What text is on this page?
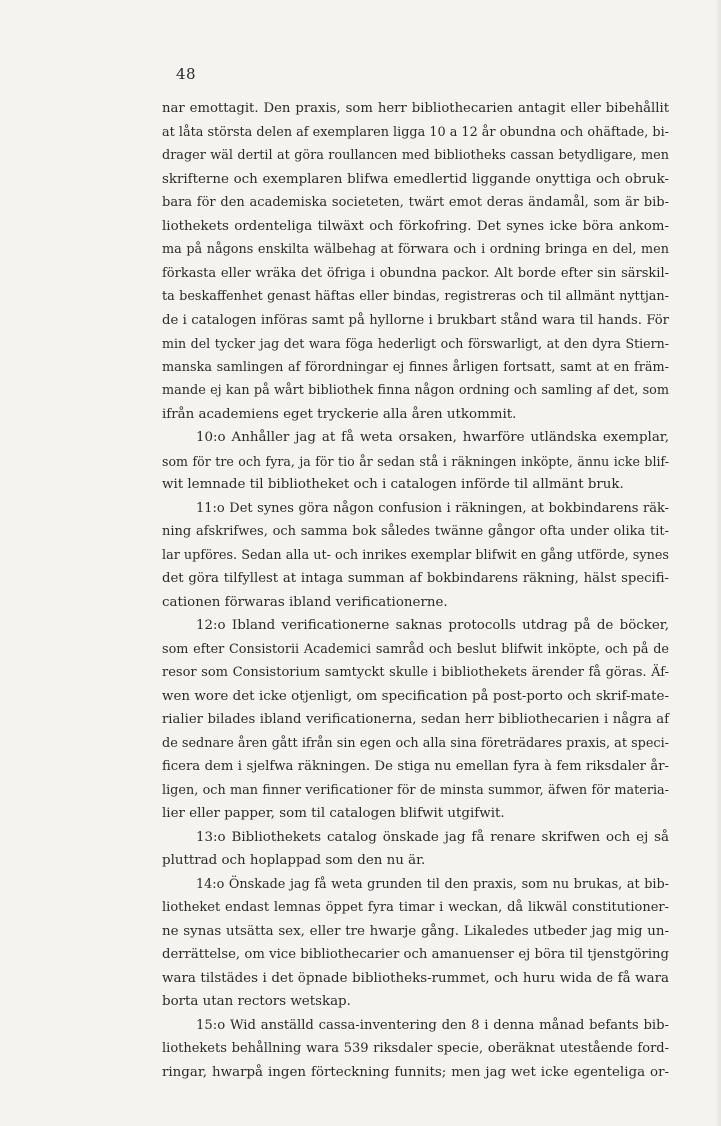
48

nar emottagit. Den praxis, som herr bibliothecarien antagit eller bibehållit
at låta största delen af exemplaren ligga 10 a 12 år obundna och ohäftade, bi-
drager wäl dertil at göra roullancen med bibliotheks cassan betydligare, men
skrifterne och exemplaren blifwa emedlertid liggande onyttiga och obruk-
bara för den academiska societeten, twärt emot deras ändamål, som är bib-
liothekets ordenteliga tilwäxt och förkofring. Det synes icke böra ankom-
ma på någons enskilta wälbehag at förwara och i ordning bringa en del, men
förkasta eller wräka det öfriga i obundna packor. Alt borde efter sin särskil-
ta beskaffenhet genast häftas eller bindas, registreras och til allmänt nyttjan-
de i catalogen införas samt på hyllorne i brukbart stånd wara til hands. För
min del tycker jag det wara föga hederligt och förswarligt, at den dyra Stiern-
manska samlingen af förordningar ej finnes årligen fortsatt, samt at en främ-
mande ej kan på wårt bibliothek finna någon ordning och samling af det, som
ifrån academiens eget tryckerie alla åren utkommit.
10:o Anhåller jag at få weta orsaken, hwarföre utländska exemplar,
som för tre och fyra, ja för tio år sedan stå i räkningen inköpte, ännu icke blif-
wit lemnade til bibliotheket och i catalogen införde til allmänt bruk.
11:o Det synes göra någon confusion i räkningen, at bokbindarens räk-
ning afskrifwes, och samma bok således twänne gångor ofta under olika tit-
lar upföres. Sedan alla ut- och inrikes exemplar blifwit en gång utförde, synes
det göra tilfyllest at intaga summan af bokbindarens räkning, hälst specifi-
cationen förwaras ibland verificationerne.
12:o Ibland verificationerne saknas protocolls utdrag på de böcker,
som efter Consistorii Academici samråd och beslut blifwit inköpte, och på de
resor som Consistorium samtyckt skulle i bibliothekets ärender få göras. Äf-
wen wore det icke otjenligt, om specification på post-porto och skrif-mate-
rialier bilades ibland verificationerna, sedan herr bibliothecarien i några af
de sednare åren gått ifrån sin egen och alla sina företrädares praxis, at speci-
ficera dem i sjelfwa räkningen. De stiga nu emellan fyra à fem riksdaler år-
ligen, och man finner verificationer för de minsta summor, äfwen för materia-
lier eller papper, som til catalogen blifwit utgifwit.
13:o Bibliothekets catalog önskade jag få renare skrifwen och ej så
pluttrad och hoplappad som den nu är.
14:o Önskade jag få weta grunden til den praxis, som nu brukas, at bib-
liotheket endast lemnas öppet fyra timar i weckan, då likwäl constitutioner-
ne synas utsätta sex, eller tre hwarje gång. Likaledes utbeder jag mig un-
derrättelse, om vice bibliothecarier och amanuenser ej böra til tjenstgöring
wara tilstädes i det öpnade bibliotheks-rummet, och huru wida de få wara
borta utan rectors wetskap.
15:o Wid anställd cassa-inventering den 8 i denna månad befants bib-
liothekets behållning wara 539 riksdaler specie, oberäknat utestående ford-
ringar, hwarpå ingen förteckning funnits; men jag wet icke egenteliga or-
